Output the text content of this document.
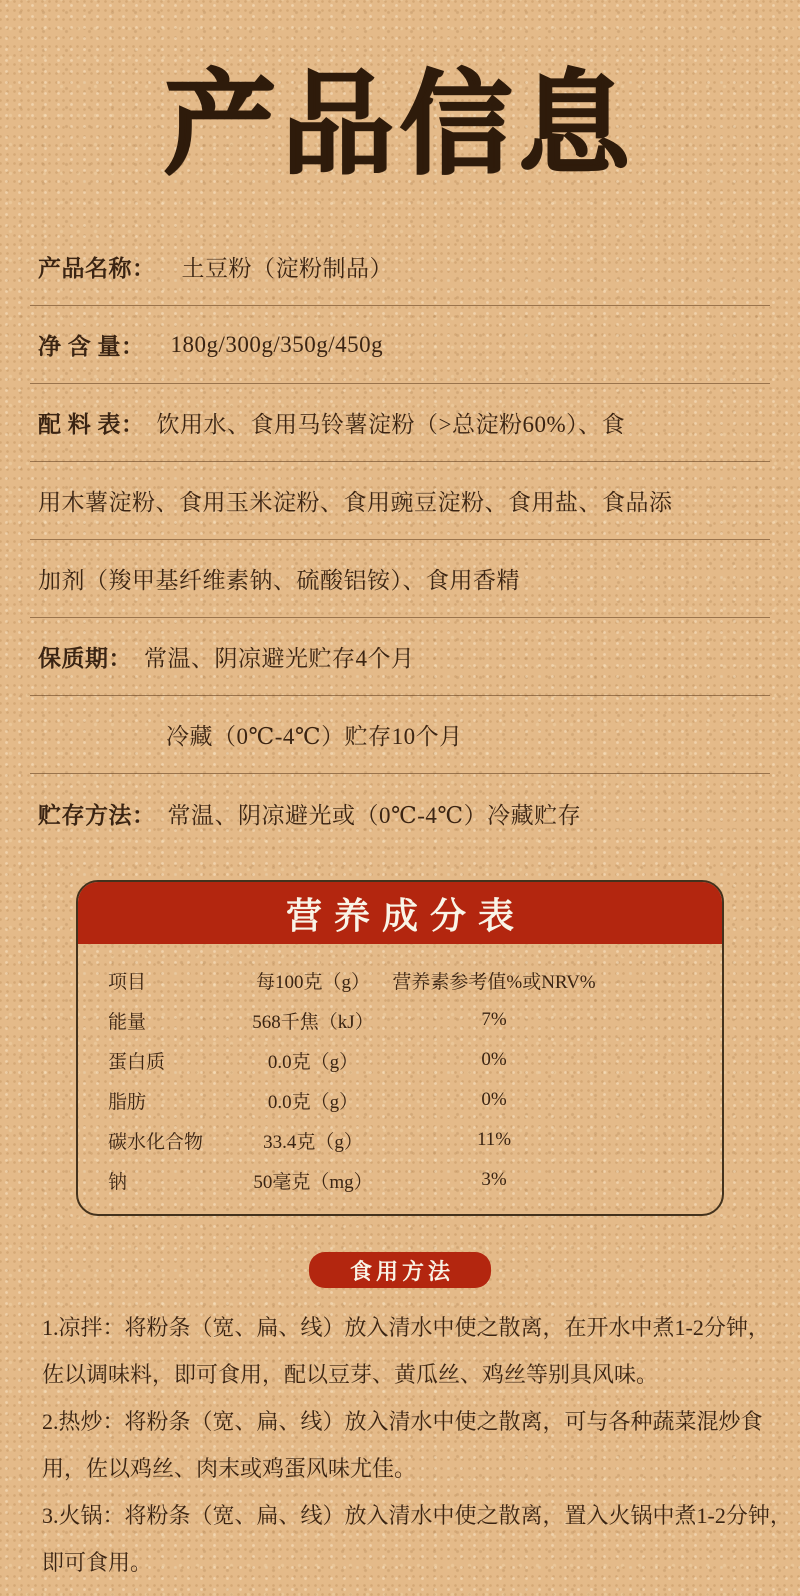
产品信息
产品名称： 土豆粉（淀粉制品）
净 含 量： 180g/300g/350g/450g
配 料 表： 饮用水、食用马铃薯淀粉（>总淀粉60%）、食
用木薯淀粉、食用玉米淀粉、食用豌豆淀粉、食用盐、食品添
加剂（羧甲基纤维素钠、硫酸铝铵）、食用香精
保质期： 常温、阴凉避光贮存4个月
冷藏（0℃-4℃）贮存10个月
贮存方法： 常温、阴凉避光或（0℃-4℃）冷藏贮存
营养成分表
项目	每100克（g）	营养素参考值%或NRV%
能量	568千焦（kJ）	7%
蛋白质	0.0克（g）	0%
脂肪	0.0克（g）	0%
碳水化合物	33.4克（g）	11%
钠	50毫克（mg）	3%
食用方法
1.凉拌：将粉条（宽、扁、线）放入清水中使之散离，在开水中煮1-2分钟，
佐以调味料，即可食用，配以豆芽、黄瓜丝、鸡丝等别具风味。
2.热炒：将粉条（宽、扁、线）放入清水中使之散离，可与各种蔬菜混炒食
用，佐以鸡丝、肉末或鸡蛋风味尤佳。
3.火锅：将粉条（宽、扁、线）放入清水中使之散离，置入火锅中煮1-2分钟，
即可食用。
